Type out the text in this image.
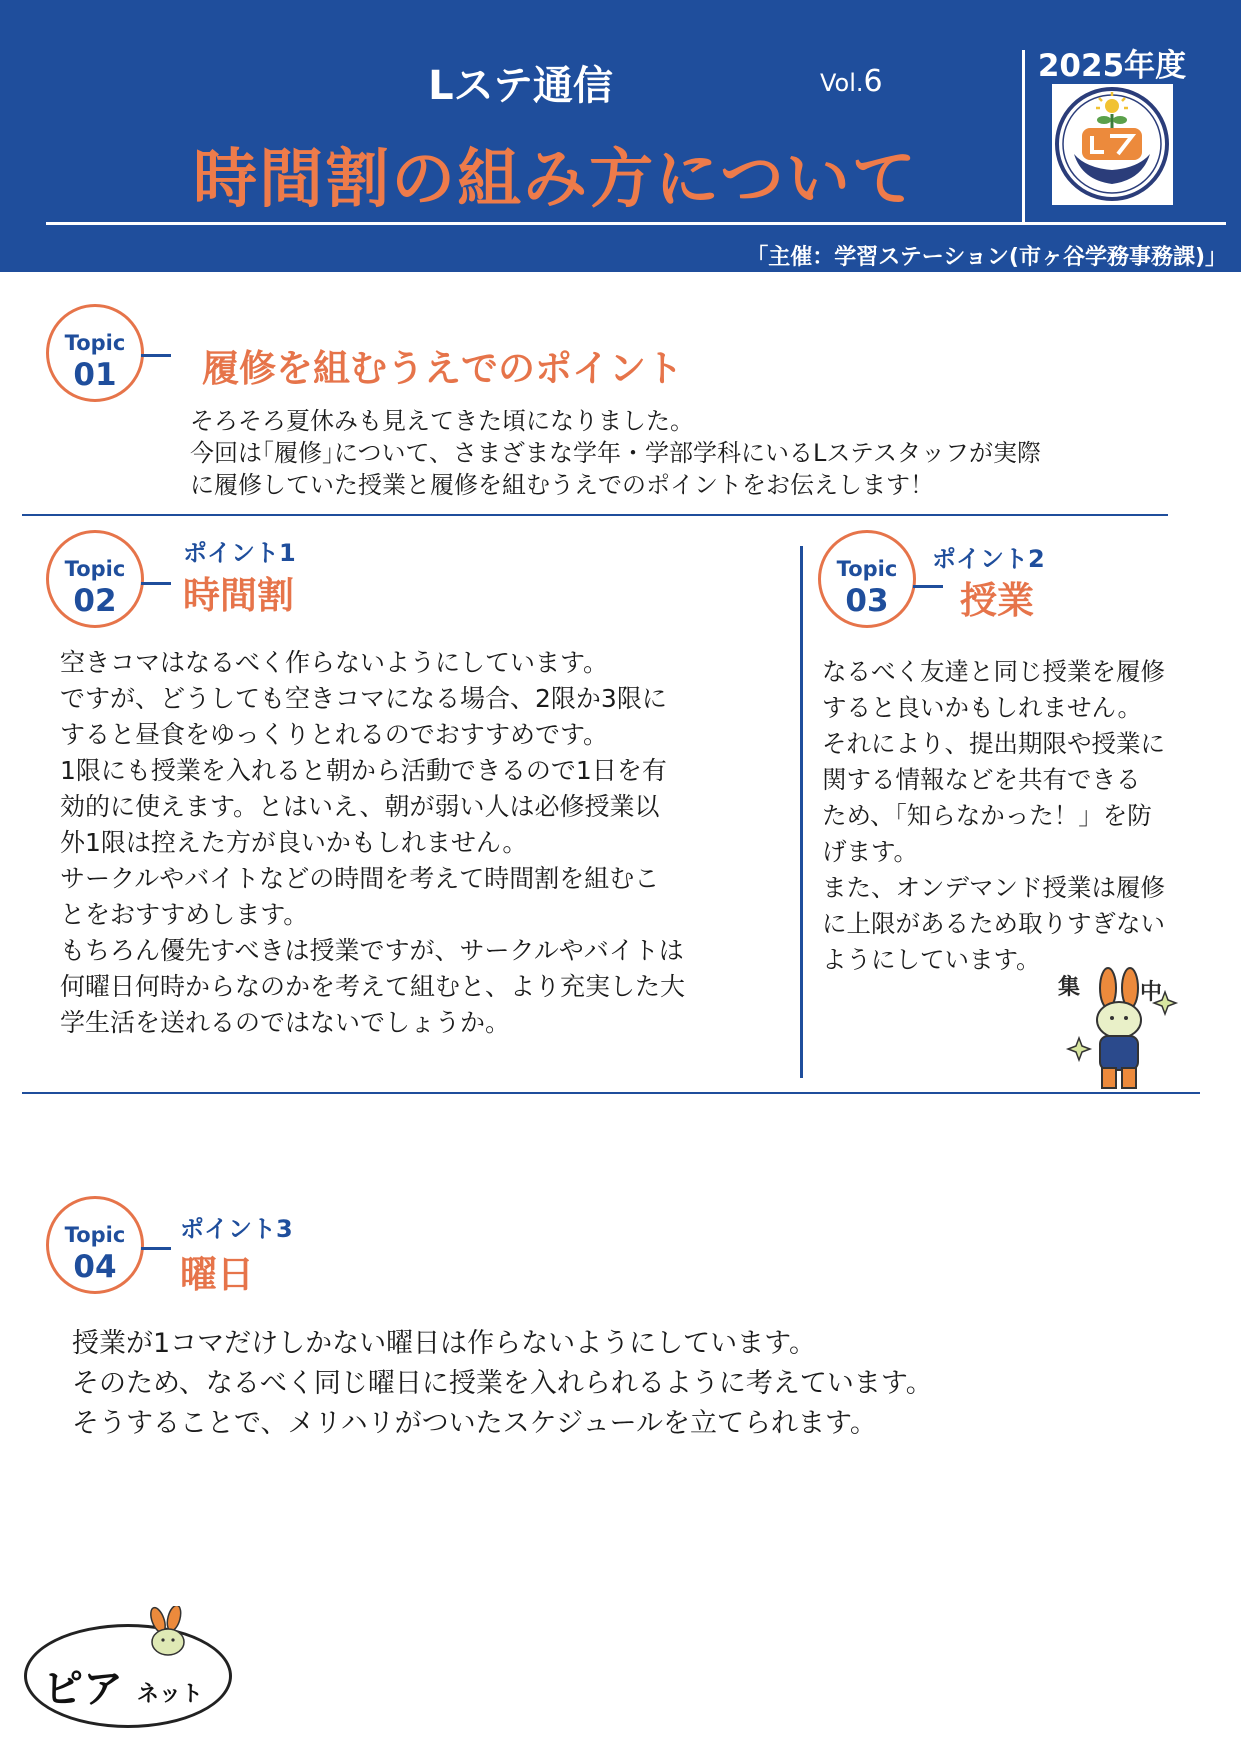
Lステ通信	Vol.6
時間割の組み方について
2025年度
「主催：学習ステーション(市ヶ谷学務事務課)」
Topic
01	履修を組むうえでのポイント

そろそろ夏休みも見えてきた頃になりました。

今回は｢履修｣について、さまざまな学年・学部学科にいるLステスタッフが実際

に履修していた授業と履修を組むうえでのポイントをお伝えします！

Topic
02
ポイント1
時間割

空きコマはなるべく作らないようにしています。

ですが、どうしても空きコマになる場合、2限か3限に

すると昼食をゆっくりとれるのでおすすめです。

1限にも授業を入れると朝から活動できるので1日を有

効的に使えます。とはいえ、朝が弱い人は必修授業以

外1限は控えた方が良いかもしれません。

サークルやバイトなどの時間を考えて時間割を組むこ

とをおすすめします。

もちろん優先すべきは授業ですが、サークルやバイトは

何曜日何時からなのかを考えて組むと、より充実した大

学生活を送れるのではないでしょうか。

Topic
03
ポイント2
授業

なるべく友達と同じ授業を履修

すると良いかもしれません。

それにより、提出期限や授業に

関する情報などを共有できる

ため、「知らなかった！」を防

げます。

また、オンデマンド授業は履修

に上限があるため取りすぎない

ようにしています。

集	中
Topic
04
ポイント3
曜日

授業が1コマだけしかない曜日は作らないようにしています。

そのため、なるべく同じ曜日に授業を入れられるように考えています。

そうすることで、メリハリがついたスケジュールを立てられます。

ピア ネット
